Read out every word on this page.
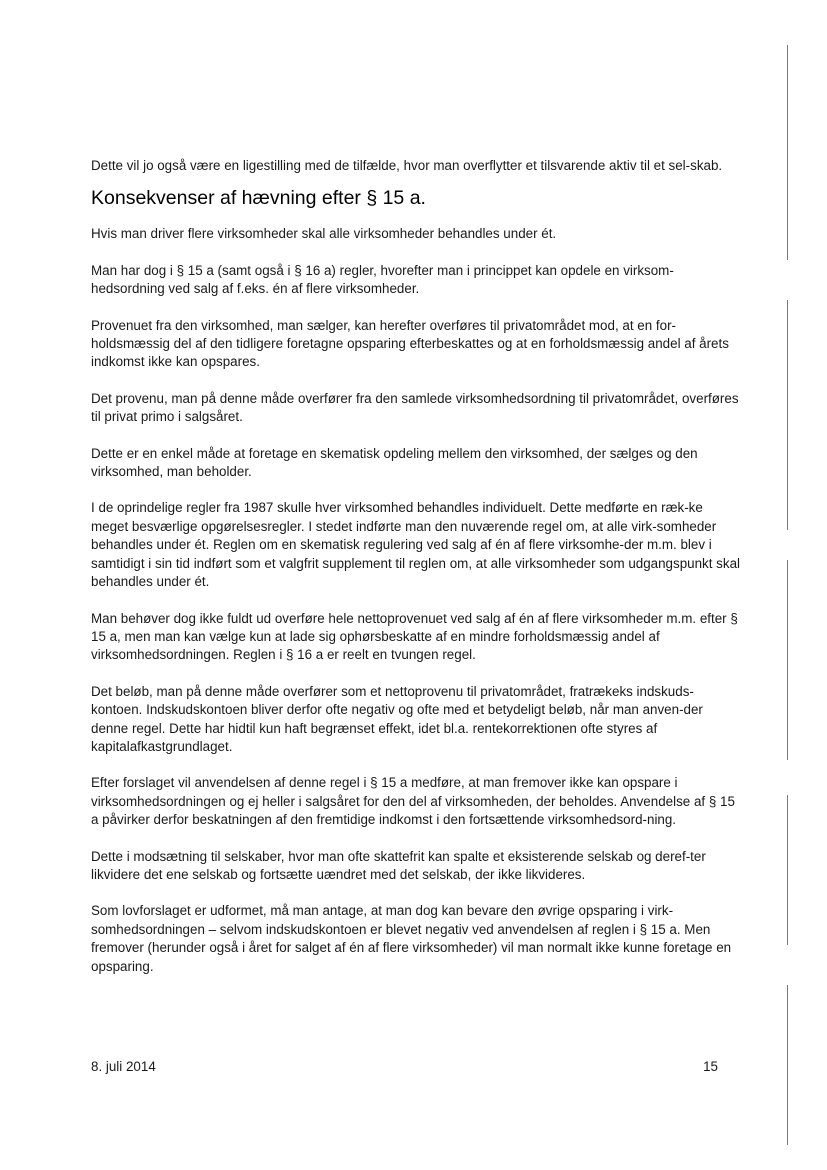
Dette vil jo også være en ligestilling med de tilfælde, hvor man overflytter et tilsvarende aktiv til et sel-skab.

Konsekvenser af hævning efter § 15 a.

Hvis man driver flere virksomheder skal alle virksomheder behandles under ét.

Man har dog i § 15 a (samt også i § 16 a) regler, hvorefter man i princippet kan opdele en virksom-hedsordning ved salg af f.eks. én af flere virksomheder.

Provenuet fra den virksomhed, man sælger, kan herefter overføres til privatområdet mod, at en for-holdsmæssig del af den tidligere foretagne opsparing efterbeskattes og at en forholdsmæssig andel af årets indkomst ikke kan opspares.

Det provenu, man på denne måde overfører fra den samlede virksomhedsordning til privatområdet, overføres til privat primo i salgsåret.

Dette er en enkel måde at foretage en skematisk opdeling mellem den virksomhed, der sælges og den virksomhed, man beholder.

I de oprindelige regler fra 1987 skulle hver virksomhed behandles individuelt. Dette medførte en ræk-ke meget besværlige opgørelsesregler. I stedet indførte man den nuværende regel om, at alle virk-somheder behandles under ét. Reglen om en skematisk regulering ved salg af én af flere virksomhe-der m.m. blev i samtidigt i sin tid indført som et valgfrit supplement til reglen om, at alle virksomheder som udgangspunkt skal behandles under ét.

Man behøver dog ikke fuldt ud overføre hele nettoprovenuet ved salg af én af flere virksomheder m.m. efter § 15 a, men man kan vælge kun at lade sig ophørsbeskatte af en mindre forholdsmæssig andel af virksomhedsordningen. Reglen i § 16 a er reelt en tvungen regel.

Det beløb, man på denne måde overfører som et nettoprovenu til privatområdet, fratrækeks indskuds-kontoen. Indskudskontoen bliver derfor ofte negativ og ofte med et betydeligt beløb, når man anven-der denne regel. Dette har hidtil kun haft begrænset effekt, idet bl.a. rentekorrektionen ofte styres af kapitalafkastgrundlaget.

Efter forslaget vil anvendelsen af denne regel i § 15 a medføre, at man fremover ikke kan opspare i virksomhedsordningen og ej heller i salgsåret for den del af virksomheden, der beholdes. Anvendelse af § 15 a påvirker derfor beskatningen af den fremtidige indkomst i den fortsættende virksomhedsord-ning.

Dette i modsætning til selskaber, hvor man ofte skattefrit kan spalte et eksisterende selskab og deref-ter likvidere det ene selskab og fortsætte uændret med det selskab, der ikke likvideres.

Som lovforslaget er udformet, må man antage, at man dog kan bevare den øvrige opsparing i virk-somhedsordningen – selvom indskudskontoen er blevet negativ ved anvendelsen af reglen i § 15 a. Men fremover (herunder også i året for salget af én af flere virksomheder) vil man normalt ikke kunne foretage en opsparing.

8. juli 2014	15
